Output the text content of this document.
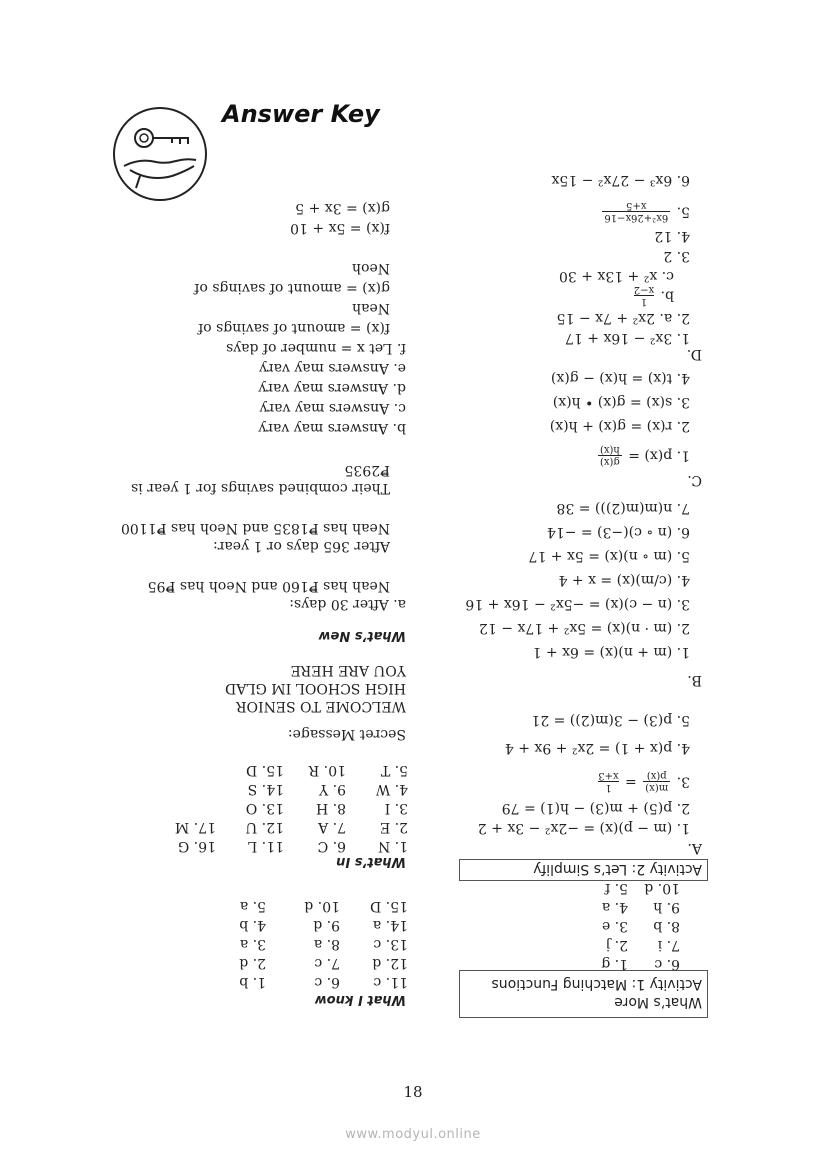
Answer Key
What’s More
Activity 1: Matching Functions
1. g
2. j
3. e
4. a
5. f
6. c
7. i
8. b
9. h
10. d
Activity 2: Let’s Simplify
A.
1. (m − p)(x) = −2x² − 3x + 2
2. p(5) + m(3) − h(1) = 79
3.
m(x)
p(x)
=
1
x+3
4. p(x + 1) = 2x² + 9x + 4
5. p(3) − 3(m(2)) = 21
B.
1. (m + n)(x) = 6x + 1
2. (m · n)(x) = 5x² + 17x − 12
3. (n − c)(x) = −5x² − 16x + 16
4. (c/m)(x) = x + 4
5. (m ∘ n)(x) = 5x + 17
6. (n ∘ c)(−3) = −14
7. n(m(m(2))) = 38
C.
1. p(x) =
g(x)
h(x)
2. r(x) = g(x) + h(x)
3. s(x) = g(x) • h(x)
4. t(x) = h(x) − g(x)
D.
1. 3x² − 16x + 17
2. a. 2x² + 7x − 15
b.
1
x−2
c. x² + 13x + 30
3. 2
4. 12
5.
6x²+26x−16
x+5
6. 6x³ − 27x² − 15x
What I know
1. b
2. d
3. a
4. b
5. a
6. c
7. c
8. a
9. d
10. d
11. c
12. d
13. c
14. a
15. D
What’s In
1. N
2. E
3. I
4. W
5. T
6. C
7. A
8. H
9. Y
10. R
11. L
12. U
13. O
14. S
15. D
16. G
17. M
Secret Message:
WELCOME TO SENIOR
HIGH SCHOOL IM GLAD
YOU ARE HERE
What’s New
a. After 30 days:
Neah has ₱160 and Neoh has ₱95
After 365 days or 1 year:
Neah has ₱1835 and Neoh has ₱1100
Their combined savings for 1 year is
₱2935
b. Answers may vary
c. Answers may vary
d. Answers may vary
e. Answers may vary
f. Let x = number of days
f(x) = amount of savings of
Neah
g(x) = amount of savings of
Neoh
f(x) = 5x + 10
g(x) = 3x + 5
18
www.modyul.online
